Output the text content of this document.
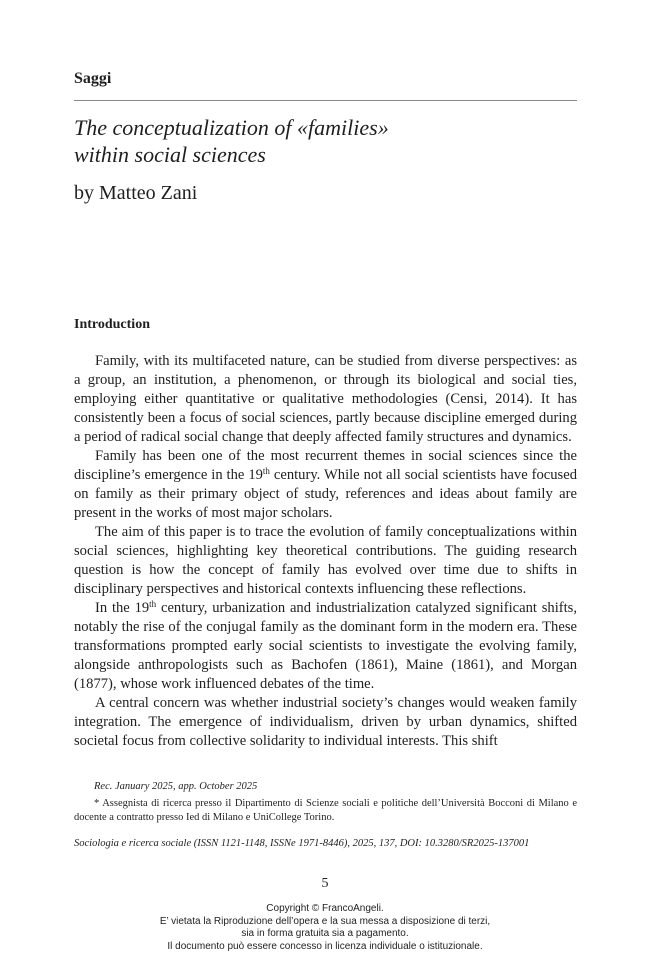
Saggi
The conceptualization of «families»
within social sciences
by Matteo Zani
Introduction

Family, with its multifaceted nature, can be studied from diverse perspectives: as a group, an institution, a phenomenon, or through its biological and social ties, employing either quantitative or qualitative methodologies (Censi, 2014). It has consistently been a focus of social sciences, partly because discipline emerged during a period of radical social change that deeply affected family structures and dynamics.

Family has been one of the most recurrent themes in social sciences since the discipline’s emergence in the 19th century. While not all social scientists have focused on family as their primary object of study, references and ideas about family are present in the works of most major scholars.

The aim of this paper is to trace the evolution of family conceptualizations within social sciences, highlighting key theoretical contributions. The guiding research question is how the concept of family has evolved over time due to shifts in disciplinary perspectives and historical contexts influencing these reflections.

In the 19th century, urbanization and industrialization catalyzed significant shifts, notably the rise of the conjugal family as the dominant form in the modern era. These transformations prompted early social scientists to investigate the evolving family, alongside anthropologists such as Bachofen (1861), Maine (1861), and Morgan (1877), whose work influenced debates of the time.

A central concern was whether industrial society’s changes would weaken family integration. The emergence of individualism, driven by urban dynamics, shifted societal focus from collective solidarity to individual interests. This shift

Rec. January 2025, app. October 2025

* Assegnista di ricerca presso il Dipartimento di Scienze sociali e politiche dell’Università Bocconi di Milano e docente a contratto presso Ied di Milano e UniCollege Torino.

Sociologia e ricerca sociale (ISSN 1121-1148, ISSNe 1971-8446), 2025, 137, DOI: 10.3280/SR2025-137001
5
Copyright © FrancoAngeli.
E’ vietata la Riproduzione dell’opera e la sua messa a disposizione di terzi,
sia in forma gratuita sia a pagamento.
Il documento può essere concesso in licenza individuale o istituzionale.
